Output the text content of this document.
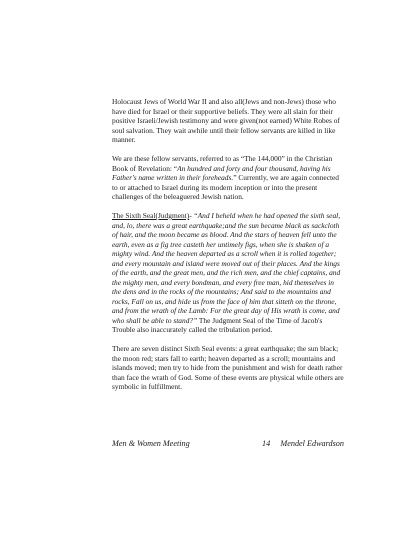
Holocaust Jews of World War II and also all(Jews and non-Jews) those who have died for Israel or their supportive beliefs. They were all slain for their positive Israeli/Jewish testimony and were given(not earned) White Robes of soul salvation. They wait awhile until their fellow servants are killed in like manner.

We are these fellow servants, referred to as “The 144,000” in the Christian Book of Revelation: “An hundred and forty and four thousand, having his Father's name written in their foreheads.” Currently, we are again connected to or attached to Israel during its modern inception or into the present challenges of the beleaguered Jewish nation.

The Sixth Seal(Judgment)- “And I beheld when he had opened the sixth seal, and, lo, there was a great earthquake;and the sun became black as sackcloth of hair, and the moon became as blood. And the stars of heaven fell unto the earth, even as a fig tree casteth her untimely figs, when she is shaken of a mighty wind. And the heaven departed as a scroll when it is rolled together; and every mountain and island were moved out of their places. And the kings of the earth, and the great men, and the rich men, and the chief captains, and the mighty men, and every bondman, and every free man, hid themselves in the dens and in the rocks of the mountains; And said to the mountains and rocks, Fall on us, and hide us from the face of him that sitteth on the throne, and from the wrath of the Lamb: For the great day of His wrath is come, and who shall be able to stand?” The Judgment Seal of the Time of Jacob's Trouble also inaccurately called the tribulation period.

There are seven distinct Sixth Seal events: a great earthquake; the sun black; the moon red; stars fall to earth; heaven departed as a scroll; mountains and islands moved; men try to hide from the punishment and wish for death rather than face the wrath of God. Some of these events are physical while others are symbolic in fulfillment.

Men & Women Meeting	14 Mendel Edwardson
